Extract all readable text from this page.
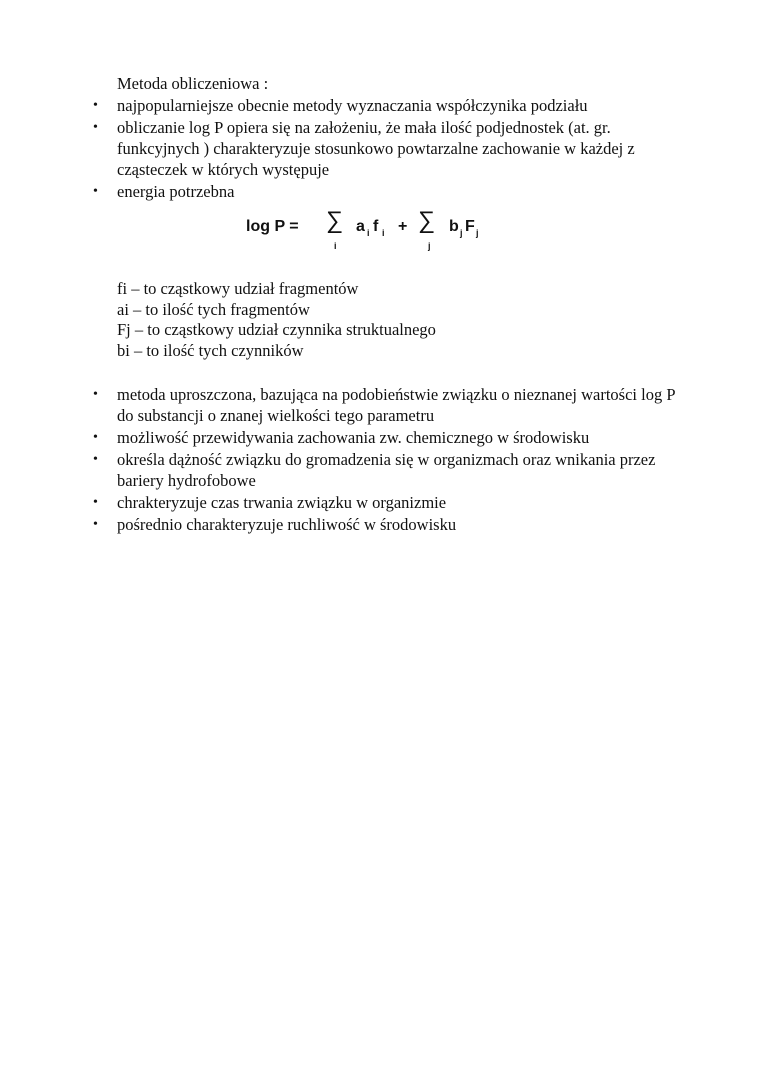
Metoda obliczeniowa :
• najpopularniejsze obecnie metody wyznaczania współczynika podziału
• obliczanie log P opiera się na założeniu, że mała ilość podjednostek (at. gr. funkcyjnych ) charakteryzuje stosunkowo powtarzalne zachowanie w każdej z cząsteczek w których występuje
• energia potrzebna
log P = ∑
i
a i f i + ∑
j
b j F j
fi – to cząstkowy udział fragmentów
ai – to ilość tych fragmentów
Fj – to cząstkowy udział czynnika struktualnego
bi – to ilość tych czynników
• metoda uproszczona, bazująca na podobieństwie związku o nieznanej wartości log P do substancji o znanej wielkości tego parametru
• możliwość przewidywania zachowania zw. chemicznego w środowisku
• określa dążność związku do gromadzenia się w organizmach oraz wnikania przez bariery hydrofobowe
• chrakteryzuje czas trwania związku w organizmie
• pośrednio charakteryzuje ruchliwość w środowisku
